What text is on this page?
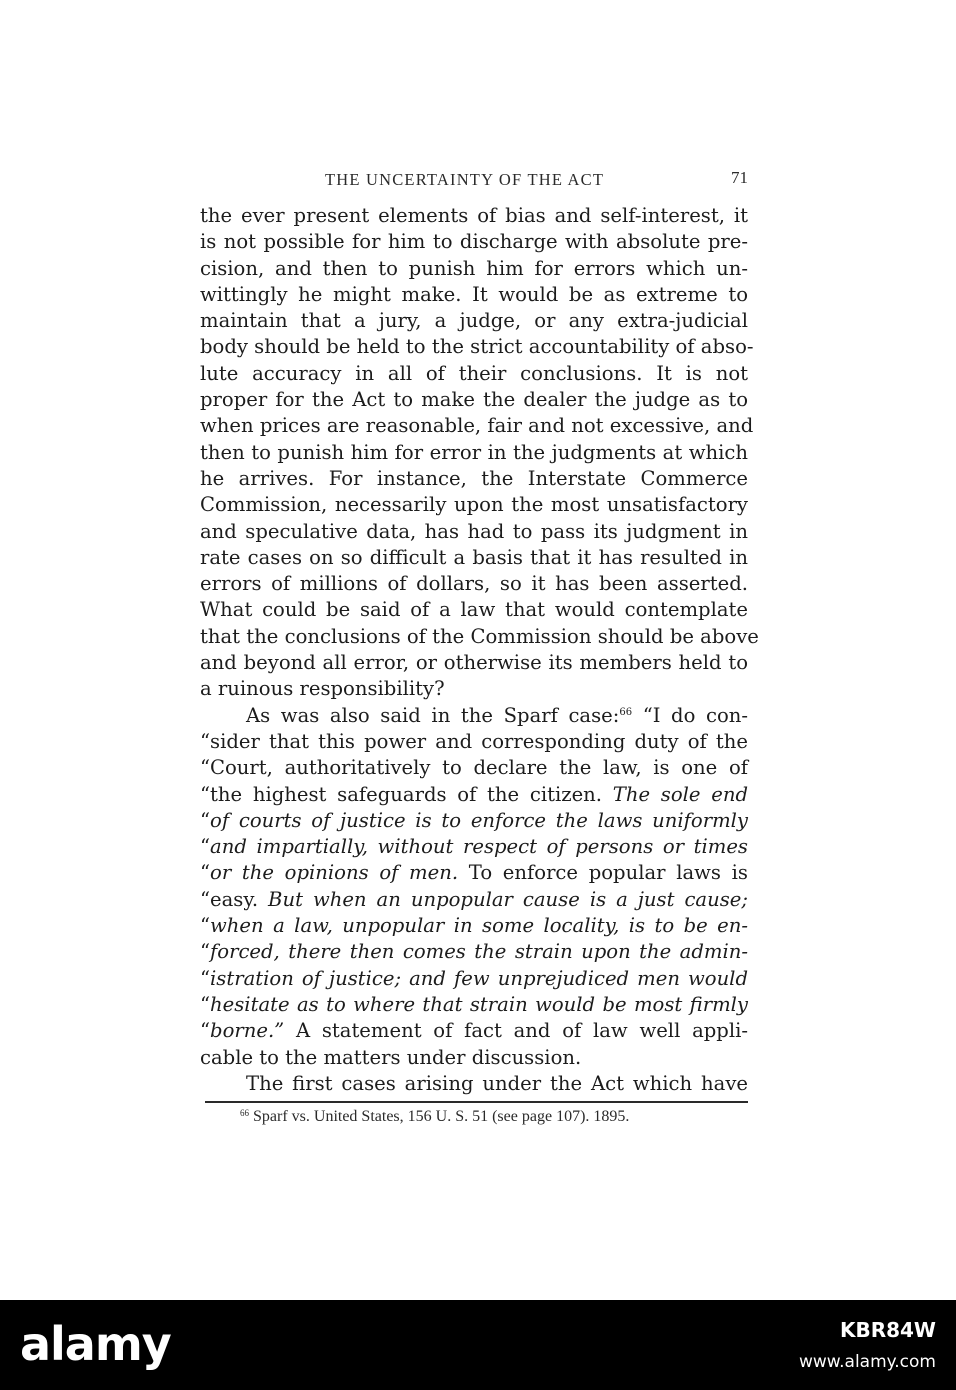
THE UNCERTAINTY OF THE ACT	71
the ever present elements of bias and self-interest, it
is not possible for him to discharge with absolute pre-
cision, and then to punish him for errors which un-
wittingly he might make. It would be as extreme to
maintain that a jury, a judge, or any extra-judicial
body should be held to the strict accountability of abso-
lute accuracy in all of their conclusions. It is not
proper for the Act to make the dealer the judge as to
when prices are reasonable, fair and not excessive, and
then to punish him for error in the judgments at which
he arrives. For instance, the Interstate Commerce
Commission, necessarily upon the most unsatisfactory
and speculative data, has had to pass its judgment in
rate cases on so difficult a basis that it has resulted in
errors of millions of dollars, so it has been asserted.
What could be said of a law that would contemplate
that the conclusions of the Commission should be above
and beyond all error, or otherwise its members held to
a ruinous responsibility?
As was also said in the Sparf case:$^{66}$ “I do con-
“sider that this power and corresponding duty of the
“Court, authoritatively to declare the law, is one of
“the highest safeguards of the citizen. The sole end
“of courts of justice is to enforce the laws uniformly
“and impartially, without respect of persons or times
“or the opinions of men. To enforce popular laws is
“easy. But when an unpopular cause is a just cause;
“when a law, unpopular in some locality, is to be en-
“forced, there then comes the strain upon the admin-
“istration of justice; and few unprejudiced men would
“hesitate as to where that strain would be most firmly
“borne.” A statement of fact and of law well appli-
cable to the matters under discussion.
The first cases arising under the Act which have
$^{66}$ Sparf vs. United States, 156 U. S. 51 (see page 107). 1895.
alamy	KBR84W
www.alamy.com
